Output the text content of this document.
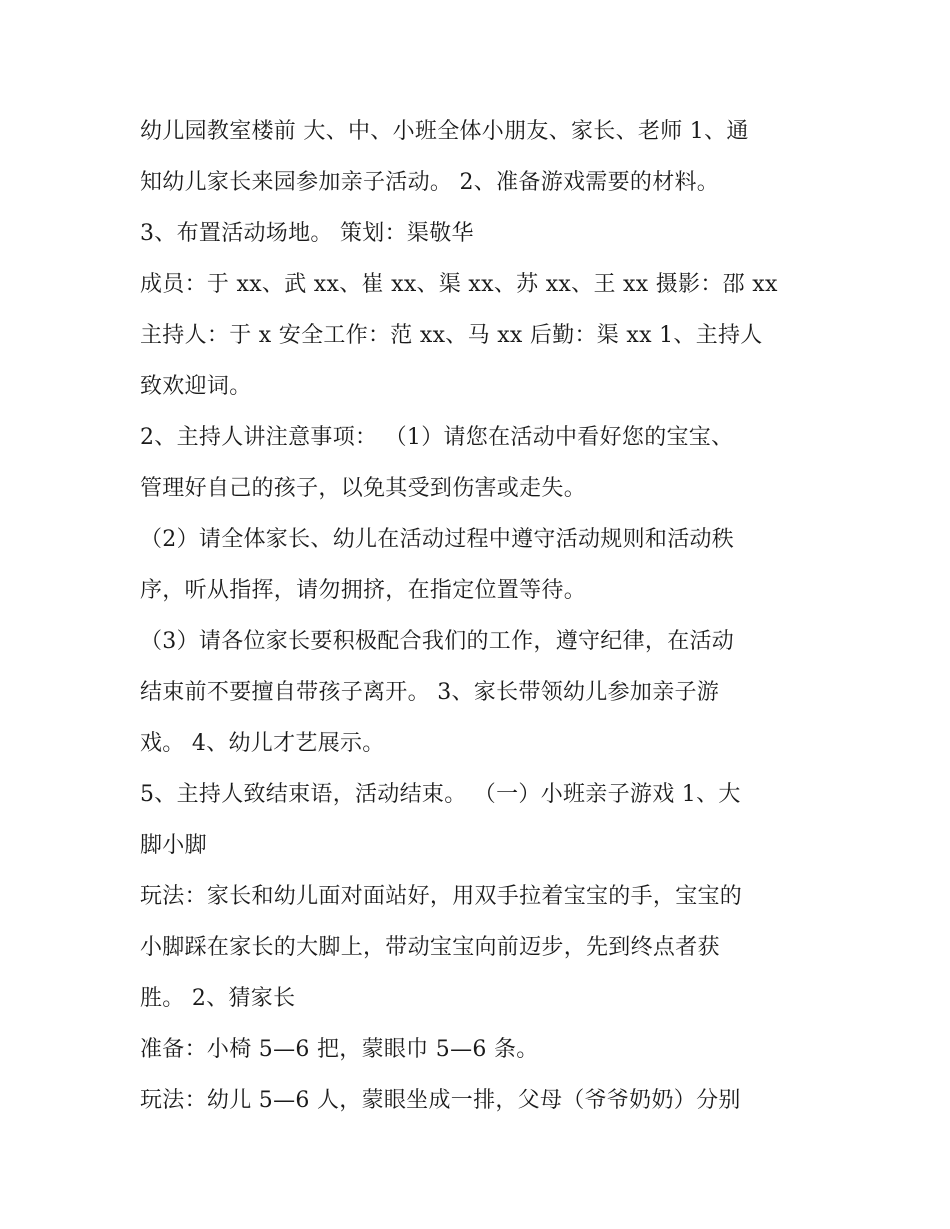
幼儿园教室楼前 大、中、小班全体小朋友、家长、老师 1、通
知幼儿家长来园参加亲子活动。 2、准备游戏需要的材料。
3、布置活动场地。 策划：渠敬华
成员：于 xx、武 xx、崔 xx、渠 xx、苏 xx、王 xx 摄影：邵 xx
主持人：于 x 安全工作：范 xx、马 xx 后勤：渠 xx 1、主持人
致欢迎词。
2、主持人讲注意事项： （1）请您在活动中看好您的宝宝、
管理好自己的孩子，以免其受到伤害或走失。
（2）请全体家长、幼儿在活动过程中遵守活动规则和活动秩
序，听从指挥，请勿拥挤，在指定位置等待。
（3）请各位家长要积极配合我们的工作，遵守纪律，在活动
结束前不要擅自带孩子离开。 3、家长带领幼儿参加亲子游
戏。 4、幼儿才艺展示。
5、主持人致结束语，活动结束。 （一）小班亲子游戏 1、大
脚小脚
玩法：家长和幼儿面对面站好，用双手拉着宝宝的手，宝宝的
小脚踩在家长的大脚上，带动宝宝向前迈步，先到终点者获
胜。 2、猜家长
准备：小椅 5—6 把，蒙眼巾 5—6 条。
玩法：幼儿 5—6 人，蒙眼坐成一排，父母（爷爷奶奶）分别
